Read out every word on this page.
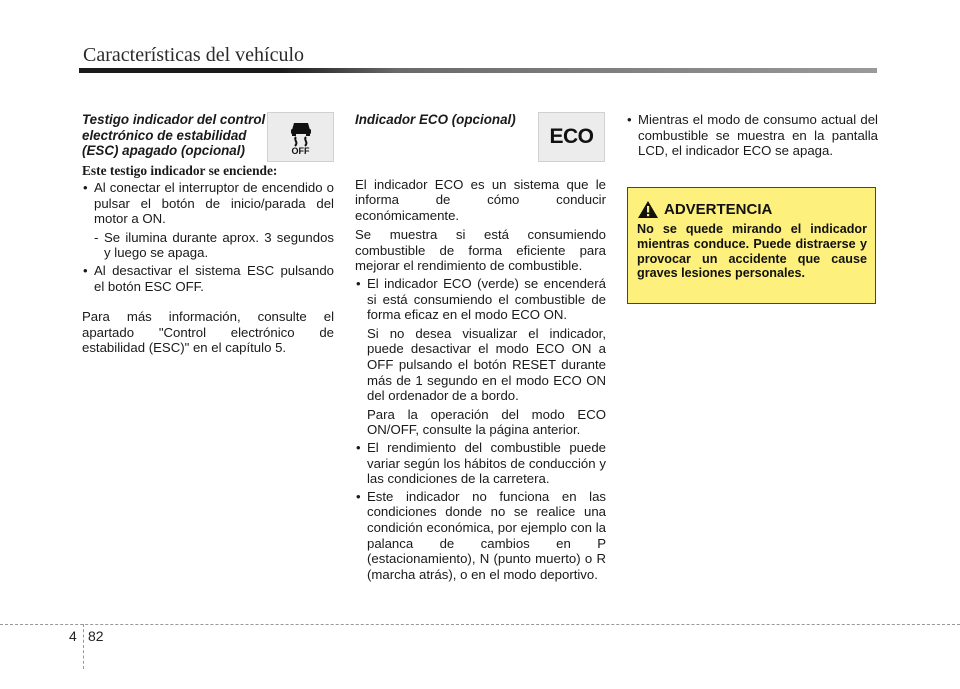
Características del vehículo
Testigo indicador del control electrónico de estabilidad (ESC) apagado (opcional)
Este testigo indicador se enciende:
• Al conectar el interruptor de encendido o pulsar el botón de inicio/parada del motor a ON.
- Se ilumina durante aprox. 3 segundos y luego se apaga.
• Al desactivar el sistema ESC pulsando el botón ESC OFF.
Para más información, consulte el apartado "Control electrónico de estabilidad (ESC)" en el capítulo 5.
OFF
Indicador ECO (opcional)
El indicador ECO es un sistema que le informa de cómo conducir económicamente.
Se muestra si está consumiendo combustible de forma eficiente para mejorar el rendimiento de combustible.
• El indicador ECO (verde) se encenderá si está consumiendo el combustible de forma eficaz en el modo ECO ON.
Si no desea visualizar el indicador, puede desactivar el modo ECO ON a OFF pulsando el botón RESET durante más de 1 segundo en el modo ECO ON del ordenador de a bordo.
Para la operación del modo ECO ON/OFF, consulte la página anterior.
• El rendimiento del combustible puede variar según los hábitos de conducción y las condiciones de la carretera.
• Este indicador no funciona en las condiciones donde no se realice una condición económica, por ejemplo con la palanca de cambios en P (estacionamiento), N (punto muerto) o R (marcha atrás), o en el modo deportivo.
ECO
• Mientras el modo de consumo actual del combustible se muestra en la pantalla LCD, el indicador ECO se apaga.
ADVERTENCIA
No se quede mirando el indicador mientras conduce. Puede distraerse y provocar un accidente que cause graves lesiones personales.
4 82
